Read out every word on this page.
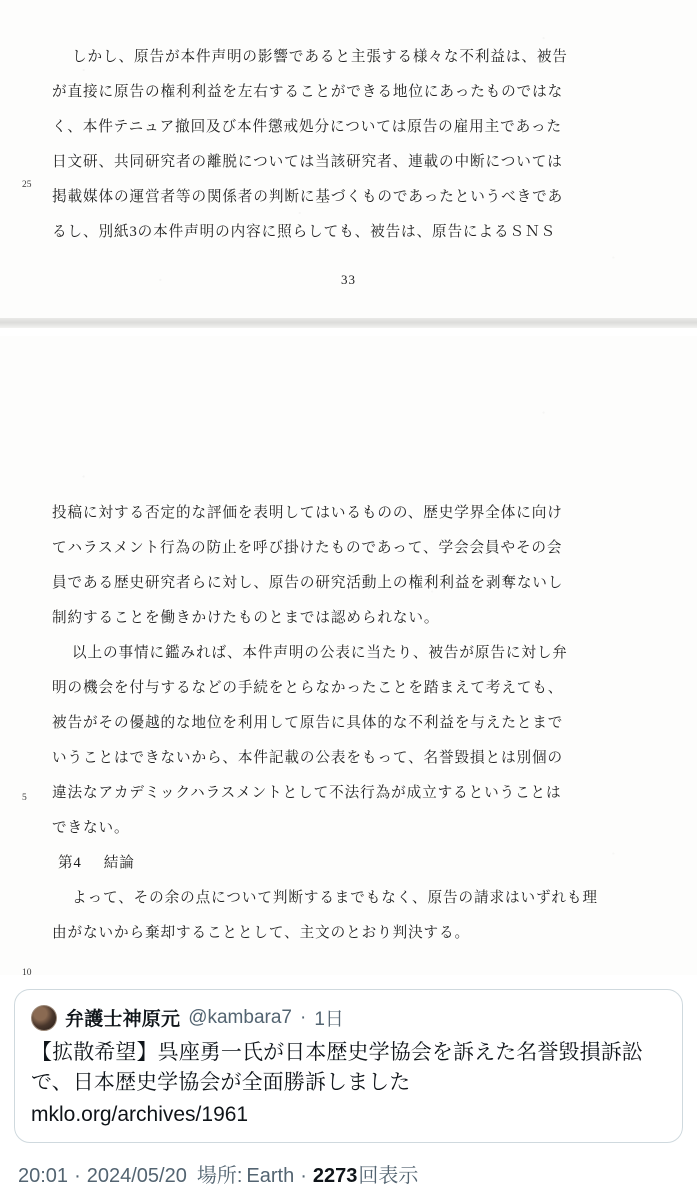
25
しかし、原告が本件声明の影響であると主張する様々な不利益は、被告
が直接に原告の権利利益を左右することができる地位にあったものではな
く、本件テニュア撤回及び本件懲戒処分については原告の雇用主であった
日文研、共同研究者の離脱については当該研究者、連載の中断については
掲載媒体の運営者等の関係者の判断に基づくものであったというべきであ
るし、別紙3の本件声明の内容に照らしても、被告は、原告によるＳＮＳ
33
5
10
投稿に対する否定的な評価を表明してはいるものの、歴史学界全体に向け
てハラスメント行為の防止を呼び掛けたものであって、学会会員やその会
員である歴史研究者らに対し、原告の研究活動上の権利利益を剥奪ないし
制約することを働きかけたものとまでは認められない。
以上の事情に鑑みれば、本件声明の公表に当たり、被告が原告に対し弁
明の機会を付与するなどの手続をとらなかったことを踏まえて考えても、
被告がその優越的な地位を利用して原告に具体的な不利益を与えたとまで
いうことはできないから、本件記載の公表をもって、名誉毀損とは別個の
違法なアカデミックハラスメントとして不法行為が成立するということは
できない。
第4 結論
よって、その余の点について判断するまでもなく、原告の請求はいずれも理
由がないから棄却することとして、主文のとおり判決する。
弁護士神原元 @kambara7 · 1日
【拡散希望】呉座勇一氏が日本歴史学協会を訴えた名誉毀損訴訟で、日本歴史学協会が全面勝訴しました
mklo.org/archives/1961
20:01 · 2024/05/20 場所: Earth · 2273 回表示
